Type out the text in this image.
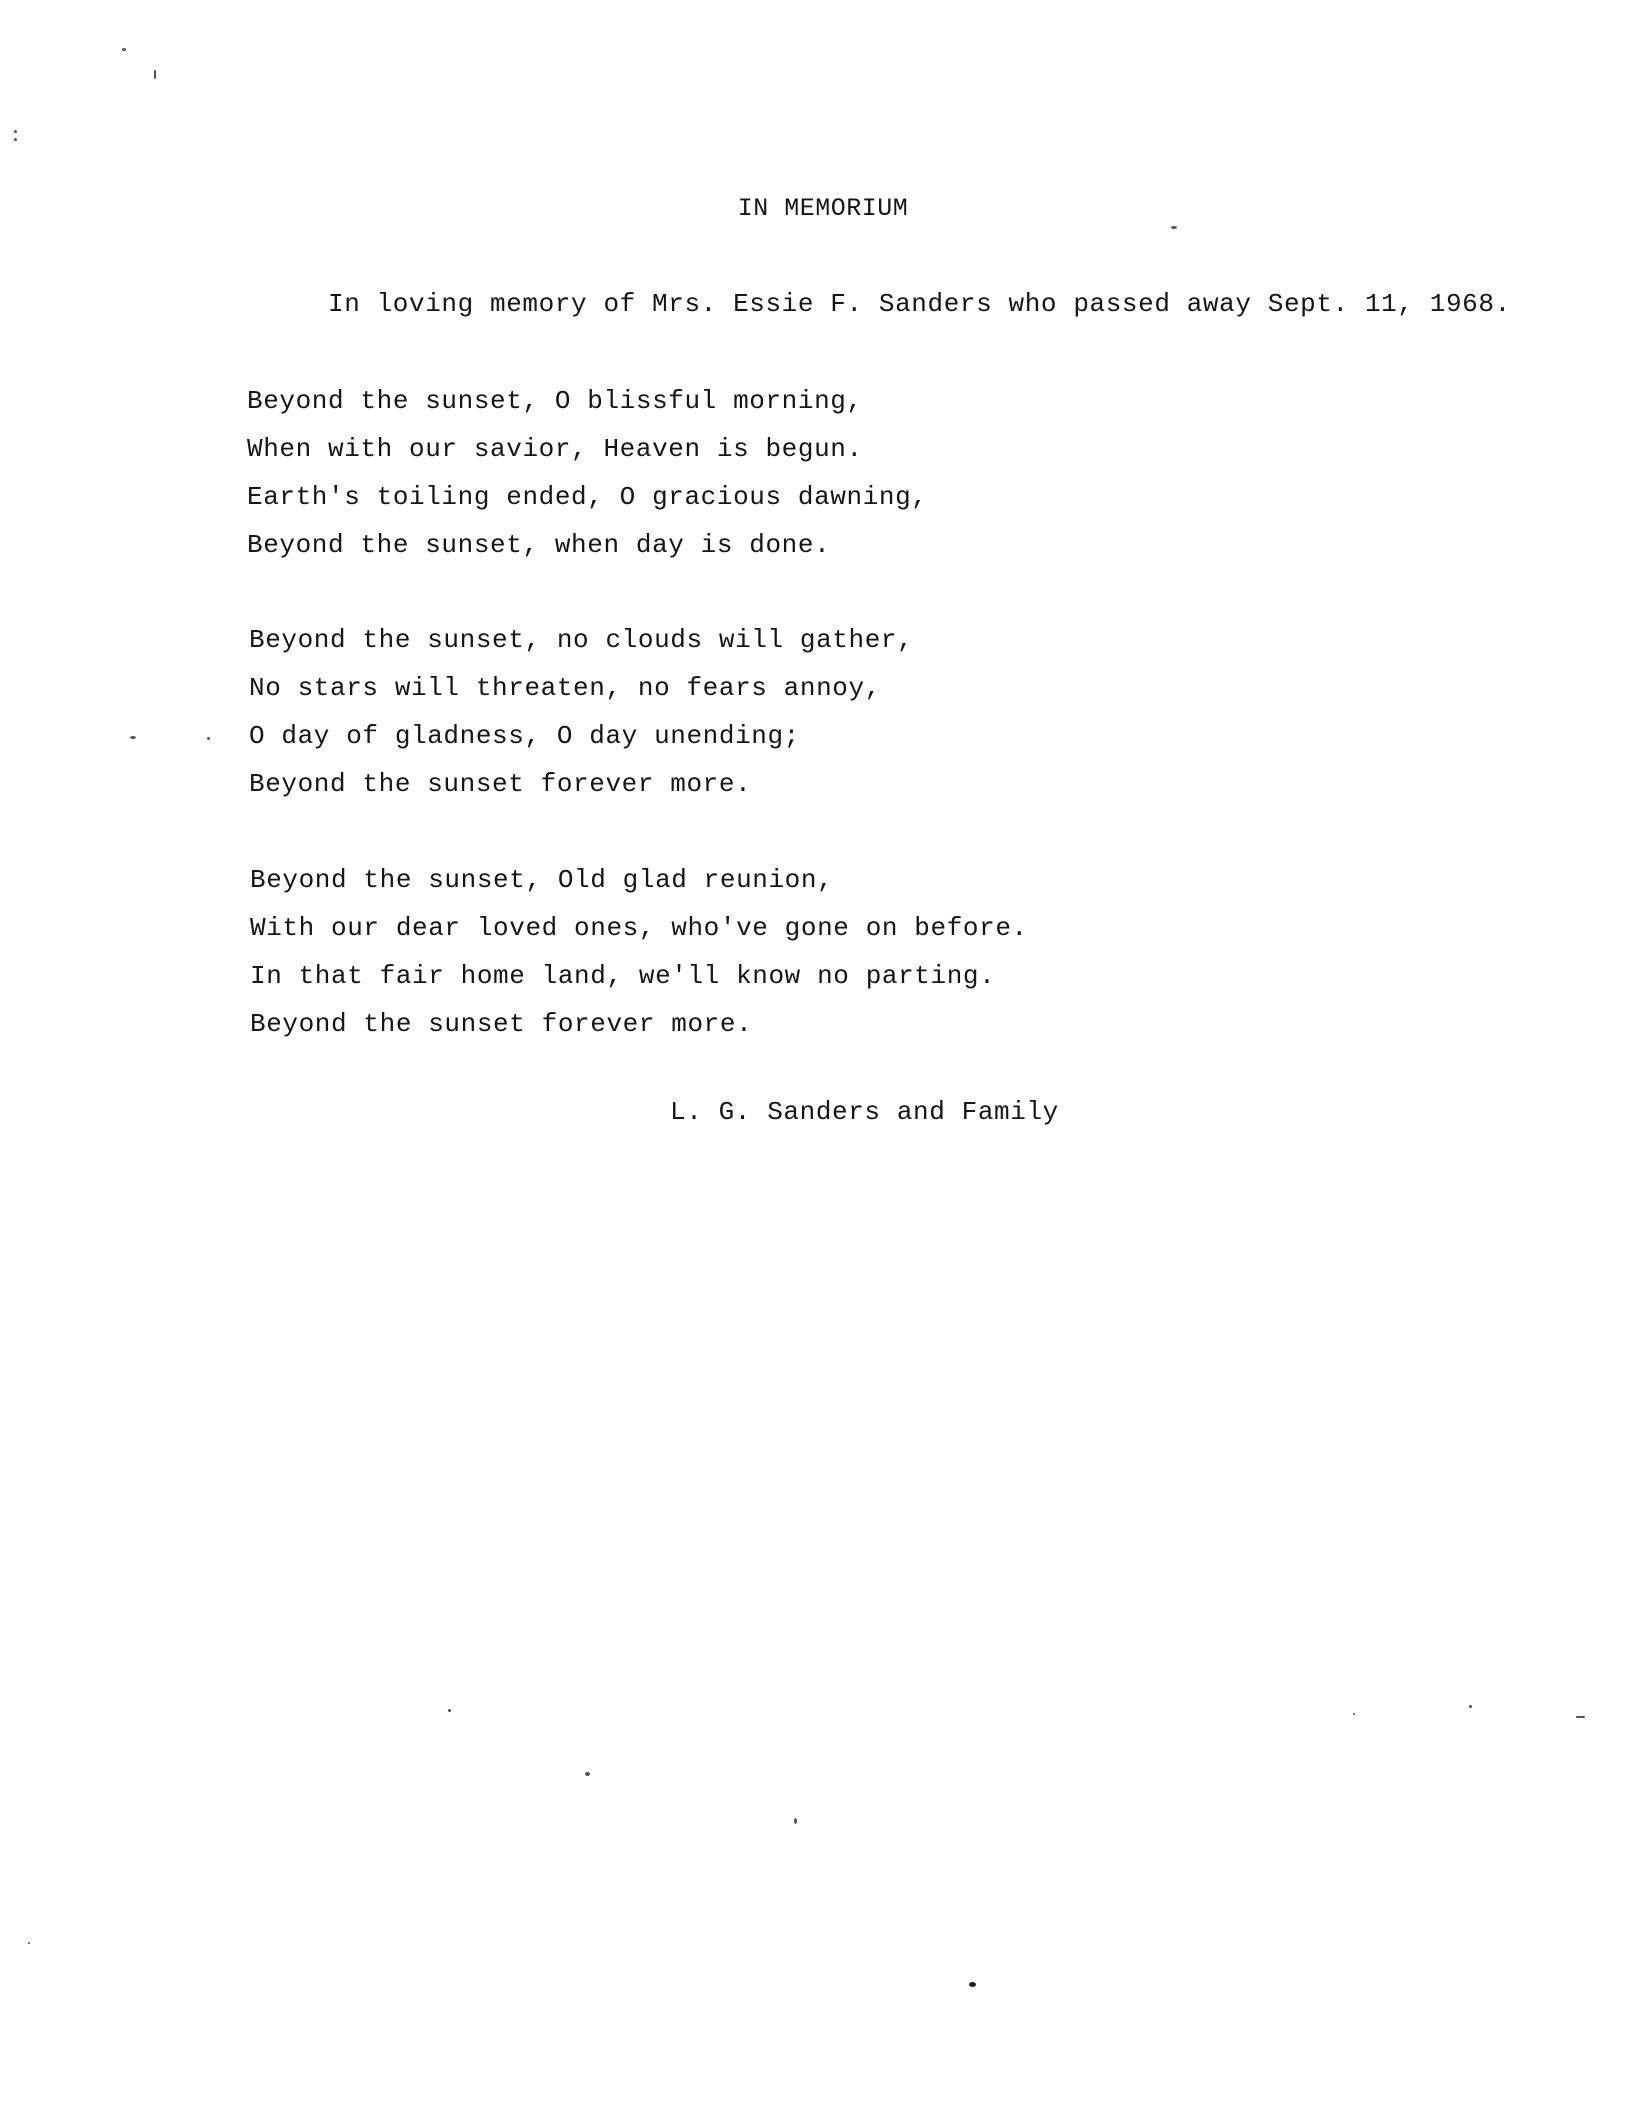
IN MEMORIUM
In loving memory of Mrs. Essie F. Sanders who passed away Sept. 11, 1968.
Beyond the sunset, O blissful morning,
When with our savior, Heaven is begun.
Earth's toiling ended, O gracious dawning,
Beyond the sunset, when day is done.
Beyond the sunset, no clouds will gather,
No stars will threaten, no fears annoy,
O day of gladness, O day unending;
Beyond the sunset forever more.
Beyond the sunset, Old glad reunion,
With our dear loved ones, who've gone on before.
In that fair home land, we'll know no parting.
Beyond the sunset forever more.
L. G. Sanders and Family
